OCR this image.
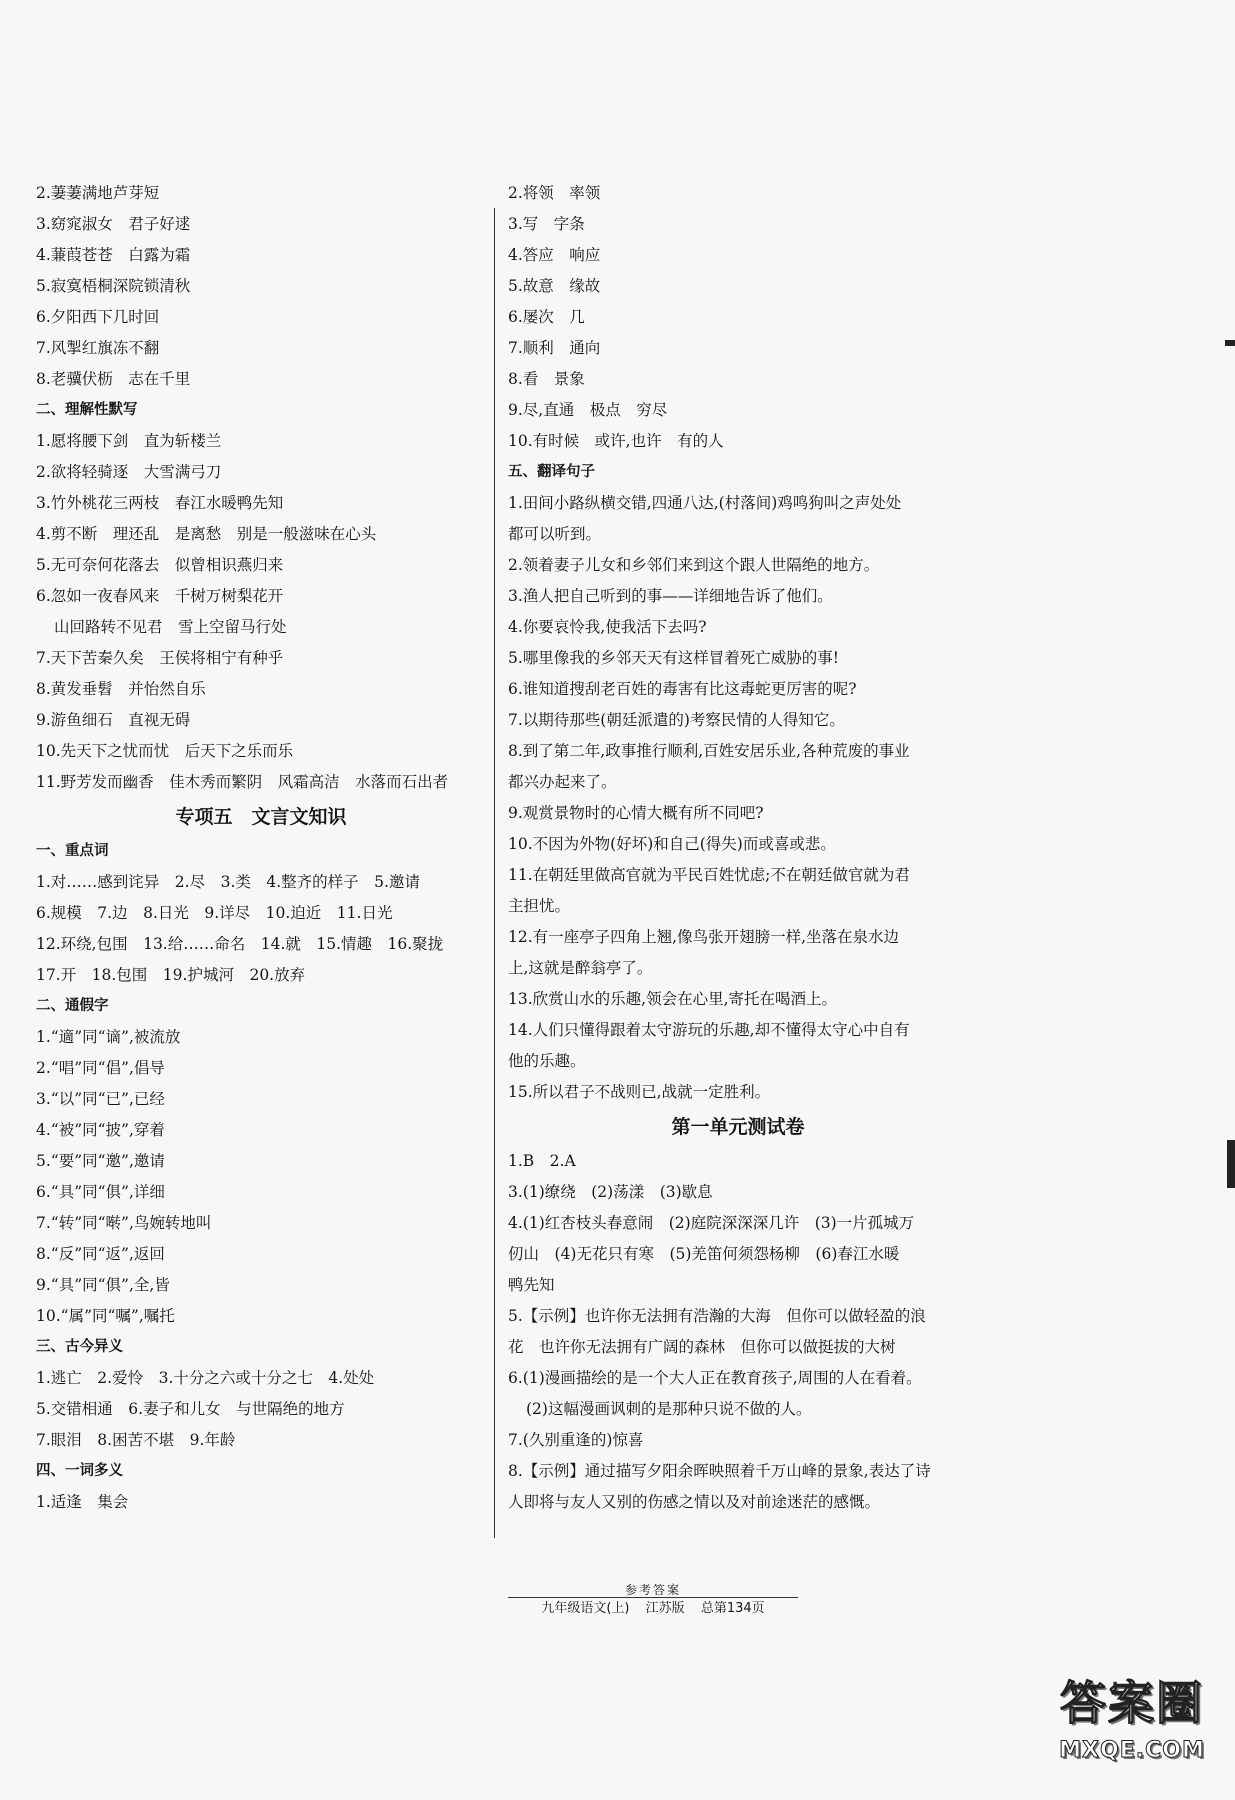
2.萋萋满地芦芽短
3.窈窕淑女　君子好逑
4.蒹葭苍苍　白露为霜
5.寂寞梧桐深院锁清秋
6.夕阳西下几时回
7.风掣红旗冻不翻
8.老骥伏枥　志在千里
二、理解性默写
1.愿将腰下剑　直为斩楼兰
2.欲将轻骑逐　大雪满弓刀
3.竹外桃花三两枝　春江水暖鸭先知
4.剪不断　理还乱　是离愁　别是一般滋味在心头
5.无可奈何花落去　似曾相识燕归来
6.忽如一夜春风来　千树万树梨花开
山回路转不见君　雪上空留马行处
7.天下苦秦久矣　王侯将相宁有种乎
8.黄发垂髫　并怡然自乐
9.游鱼细石　直视无碍
10.先天下之忧而忧　后天下之乐而乐
11.野芳发而幽香　佳木秀而繁阴　风霜高洁　水落而石出者
专项五　文言文知识
一、重点词
1.对……感到诧异　2.尽　3.类　4.整齐的样子　5.邀请
6.规模　7.边　8.日光　9.详尽　10.迫近　11.日光
12.环绕,包围　13.给……命名　14.就　15.情趣　16.聚拢
17.开　18.包围　19.护城河　20.放弃
二、通假字
1.“適”同“谪”,被流放
2.“唱”同“倡”,倡导
3.“以”同“已”,已经
4.“被”同“披”,穿着
5.“要”同“邀”,邀请
6.“具”同“俱”,详细
7.“转”同“啭”,鸟婉转地叫
8.“反”同“返”,返回
9.“具”同“俱”,全,皆
10.“属”同“嘱”,嘱托
三、古今异义
1.逃亡　2.爱怜　3.十分之六或十分之七　4.处处
5.交错相通　6.妻子和儿女　与世隔绝的地方
7.眼泪　8.困苦不堪　9.年龄
四、一词多义
1.适逢　集会
2.将领　率领
3.写　字条
4.答应　响应
5.故意　缘故
6.屡次　几
7.顺利　通向
8.看　景象
9.尽,直通　极点　穷尽
10.有时候　或许,也许　有的人
五、翻译句子
1.田间小路纵横交错,四通八达,(村落间)鸡鸣狗叫之声处处
都可以听到。
2.领着妻子儿女和乡邻们来到这个跟人世隔绝的地方。
3.渔人把自己听到的事——详细地告诉了他们。
4.你要哀怜我,使我活下去吗?
5.哪里像我的乡邻天天有这样冒着死亡威胁的事!
6.谁知道搜刮老百姓的毒害有比这毒蛇更厉害的呢?
7.以期待那些(朝廷派遣的)考察民情的人得知它。
8.到了第二年,政事推行顺利,百姓安居乐业,各种荒废的事业
都兴办起来了。
9.观赏景物时的心情大概有所不同吧?
10.不因为外物(好坏)和自己(得失)而或喜或悲。
11.在朝廷里做高官就为平民百姓忧虑;不在朝廷做官就为君
主担忧。
12.有一座亭子四角上翘,像鸟张开翅膀一样,坐落在泉水边
上,这就是醉翁亭了。
13.欣赏山水的乐趣,领会在心里,寄托在喝酒上。
14.人们只懂得跟着太守游玩的乐趣,却不懂得太守心中自有
他的乐趣。
15.所以君子不战则已,战就一定胜利。
第一单元测试卷
1.B　2.A
3.(1)缭绕　(2)荡漾　(3)歇息
4.(1)红杏枝头春意闹　(2)庭院深深深几许　(3)一片孤城万
仞山　(4)无花只有寒　(5)羌笛何须怨杨柳　(6)春江水暖
鸭先知
5.【示例】也许你无法拥有浩瀚的大海　但你可以做轻盈的浪
花　也许你无法拥有广阔的森林　但你可以做挺拔的大树
6.(1)漫画描绘的是一个大人正在教育孩子,周围的人在看着。
(2)这幅漫画讽刺的是那种只说不做的人。
7.(久别重逢的)惊喜
8.【示例】通过描写夕阳余晖映照着千万山峰的景象,表达了诗
人即将与友人又别的伤感之情以及对前途迷茫的感慨。
参考答案
九年级语文(上) 江苏版 总第134页
答案圈
MXQE.COM
